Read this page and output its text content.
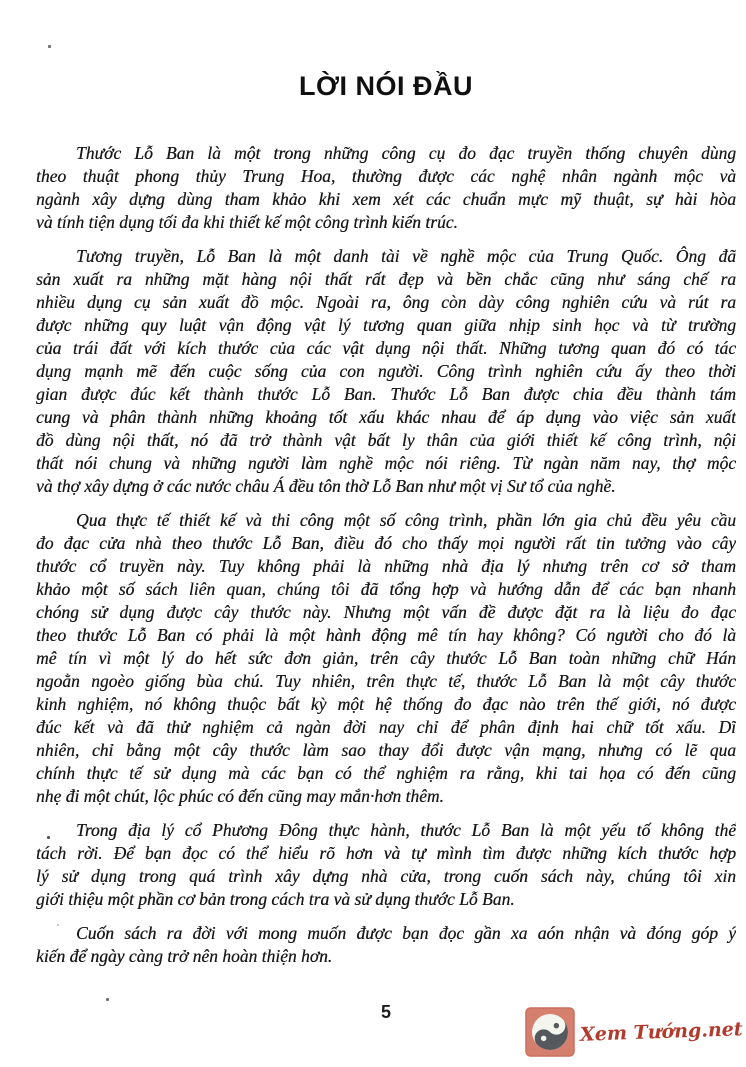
LỜI NÓI ĐẦU

Thước Lỗ Ban là một trong những công cụ đo đạc truyền thống chuyên dùng
theo thuật phong thủy Trung Hoa, thường được các nghệ nhân ngành mộc và
ngành xây dựng dùng tham khảo khi xem xét các chuẩn mực mỹ thuật, sự hài hòa
và tính tiện dụng tối đa khi thiết kế một công trình kiến trúc.

Tương truyền, Lỗ Ban là một danh tài về nghề mộc của Trung Quốc. Ông đã
sản xuất ra những mặt hàng nội thất rất đẹp và bền chắc cũng như sáng chế ra
nhiều dụng cụ sản xuất đồ mộc. Ngoài ra, ông còn dày công nghiên cứu và rút ra
được những quy luật vận động vật lý tương quan giữa nhịp sinh học và từ trường
của trái đất với kích thước của các vật dụng nội thất. Những tương quan đó có tác
dụng mạnh mẽ đến cuộc sống của con người. Công trình nghiên cứu ấy theo thời
gian được đúc kết thành thước Lỗ Ban. Thước Lỗ Ban được chia đều thành tám
cung và phân thành những khoảng tốt xấu khác nhau để áp dụng vào việc sản xuất
đồ dùng nội thất, nó đã trở thành vật bất ly thân của giới thiết kế công trình, nội
thất nói chung và những người làm nghề mộc nói riêng. Từ ngàn năm nay, thợ mộc
và thợ xây dựng ở các nước châu Á đều tôn thờ Lỗ Ban như một vị Sư tổ của nghề.

Qua thực tế thiết kế và thi công một số công trình, phần lớn gia chủ đều yêu cầu
đo đạc cửa nhà theo thước Lỗ Ban, điều đó cho thấy mọi người rất tin tưởng vào cây
thước cổ truyền này. Tuy không phải là những nhà địa lý nhưng trên cơ sở tham
khảo một số sách liên quan, chúng tôi đã tổng hợp và hướng dẫn để các bạn nhanh
chóng sử dụng được cây thước này. Nhưng một vấn đề được đặt ra là liệu đo đạc
theo thước Lỗ Ban có phải là một hành động mê tín hay không? Có người cho đó là
mê tín vì một lý do hết sức đơn giản, trên cây thước Lỗ Ban toàn những chữ Hán
ngoằn ngoèo giống bùa chú. Tuy nhiên, trên thực tế, thước Lỗ Ban là một cây thước
kinh nghiệm, nó không thuộc bất kỳ một hệ thống đo đạc nào trên thế giới, nó được
đúc kết và đã thử nghiệm cả ngàn đời nay chỉ để phân định hai chữ tốt xấu. Dĩ
nhiên, chỉ bằng một cây thước làm sao thay đổi được vận mạng, nhưng có lẽ qua
chính thực tế sử dụng mà các bạn có thể nghiệm ra rằng, khi tai họa có đến cũng
nhẹ đi một chút, lộc phúc có đến cũng may mắn·hơn thêm.

Trong địa lý cổ Phương Đông thực hành, thước Lỗ Ban là một yếu tố không thể
tách rời. Để bạn đọc có thể hiểu rõ hơn và tự mình tìm được những kích thước hợp
lý sử dụng trong quá trình xây dựng nhà cửa, trong cuốn sách này, chúng tôi xin
giới thiệu một phần cơ bản trong cách tra và sử dụng thước Lỗ Ban.

Cuốn sách ra đời với mong muốn được bạn đọc gần xa aón nhận và đóng góp ý
kiến để ngày càng trở nên hoàn thiện hơn.

5
Xem Tướng.net
